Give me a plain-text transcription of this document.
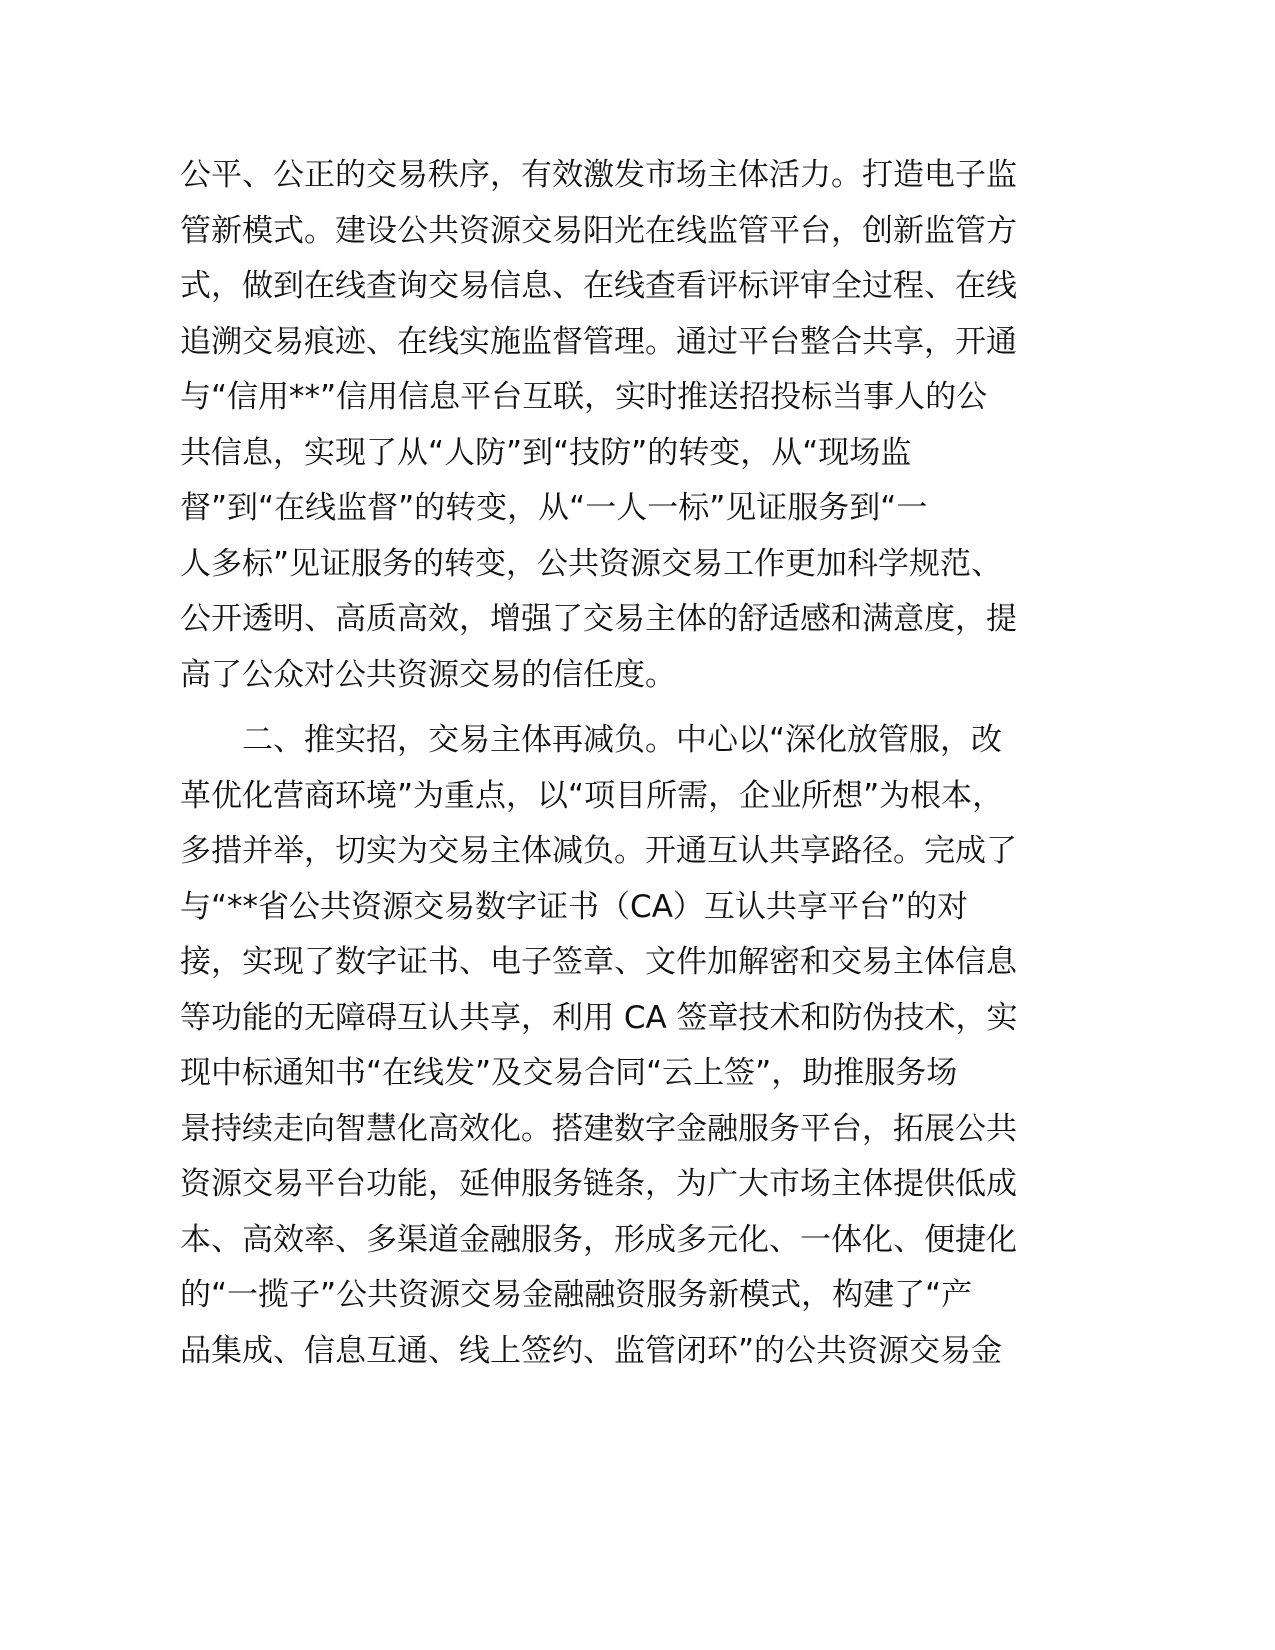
公平、公正的交易秩序，有效激发市场主体活力。打造电子监
管新模式。建设公共资源交易阳光在线监管平台，创新监管方
式，做到在线查询交易信息、在线查看评标评审全过程、在线
追溯交易痕迹、在线实施监督管理。通过平台整合共享，开通
与“信用**”信用信息平台互联，实时推送招投标当事人的公
共信息，实现了从“人防”到“技防”的转变，从“现场监
督”到“在线监督”的转变，从“一人一标”见证服务到“一
人多标”见证服务的转变，公共资源交易工作更加科学规范、
公开透明、高质高效，增强了交易主体的舒适感和满意度，提
高了公众对公共资源交易的信任度。
二、推实招，交易主体再减负。中心以“深化放管服，改
革优化营商环境”为重点，以“项目所需，企业所想”为根本，
多措并举，切实为交易主体减负。开通互认共享路径。完成了
与“**省公共资源交易数字证书（CA）互认共享平台”的对
接，实现了数字证书、电子签章、文件加解密和交易主体信息
等功能的无障碍互认共享，利用 CA 签章技术和防伪技术，实
现中标通知书“在线发”及交易合同“云上签”，助推服务场
景持续走向智慧化高效化。搭建数字金融服务平台，拓展公共
资源交易平台功能，延伸服务链条，为广大市场主体提供低成
本、高效率、多渠道金融服务，形成多元化、一体化、便捷化
的“一揽子”公共资源交易金融融资服务新模式，构建了“产
品集成、信息互通、线上签约、监管闭环”的公共资源交易金
